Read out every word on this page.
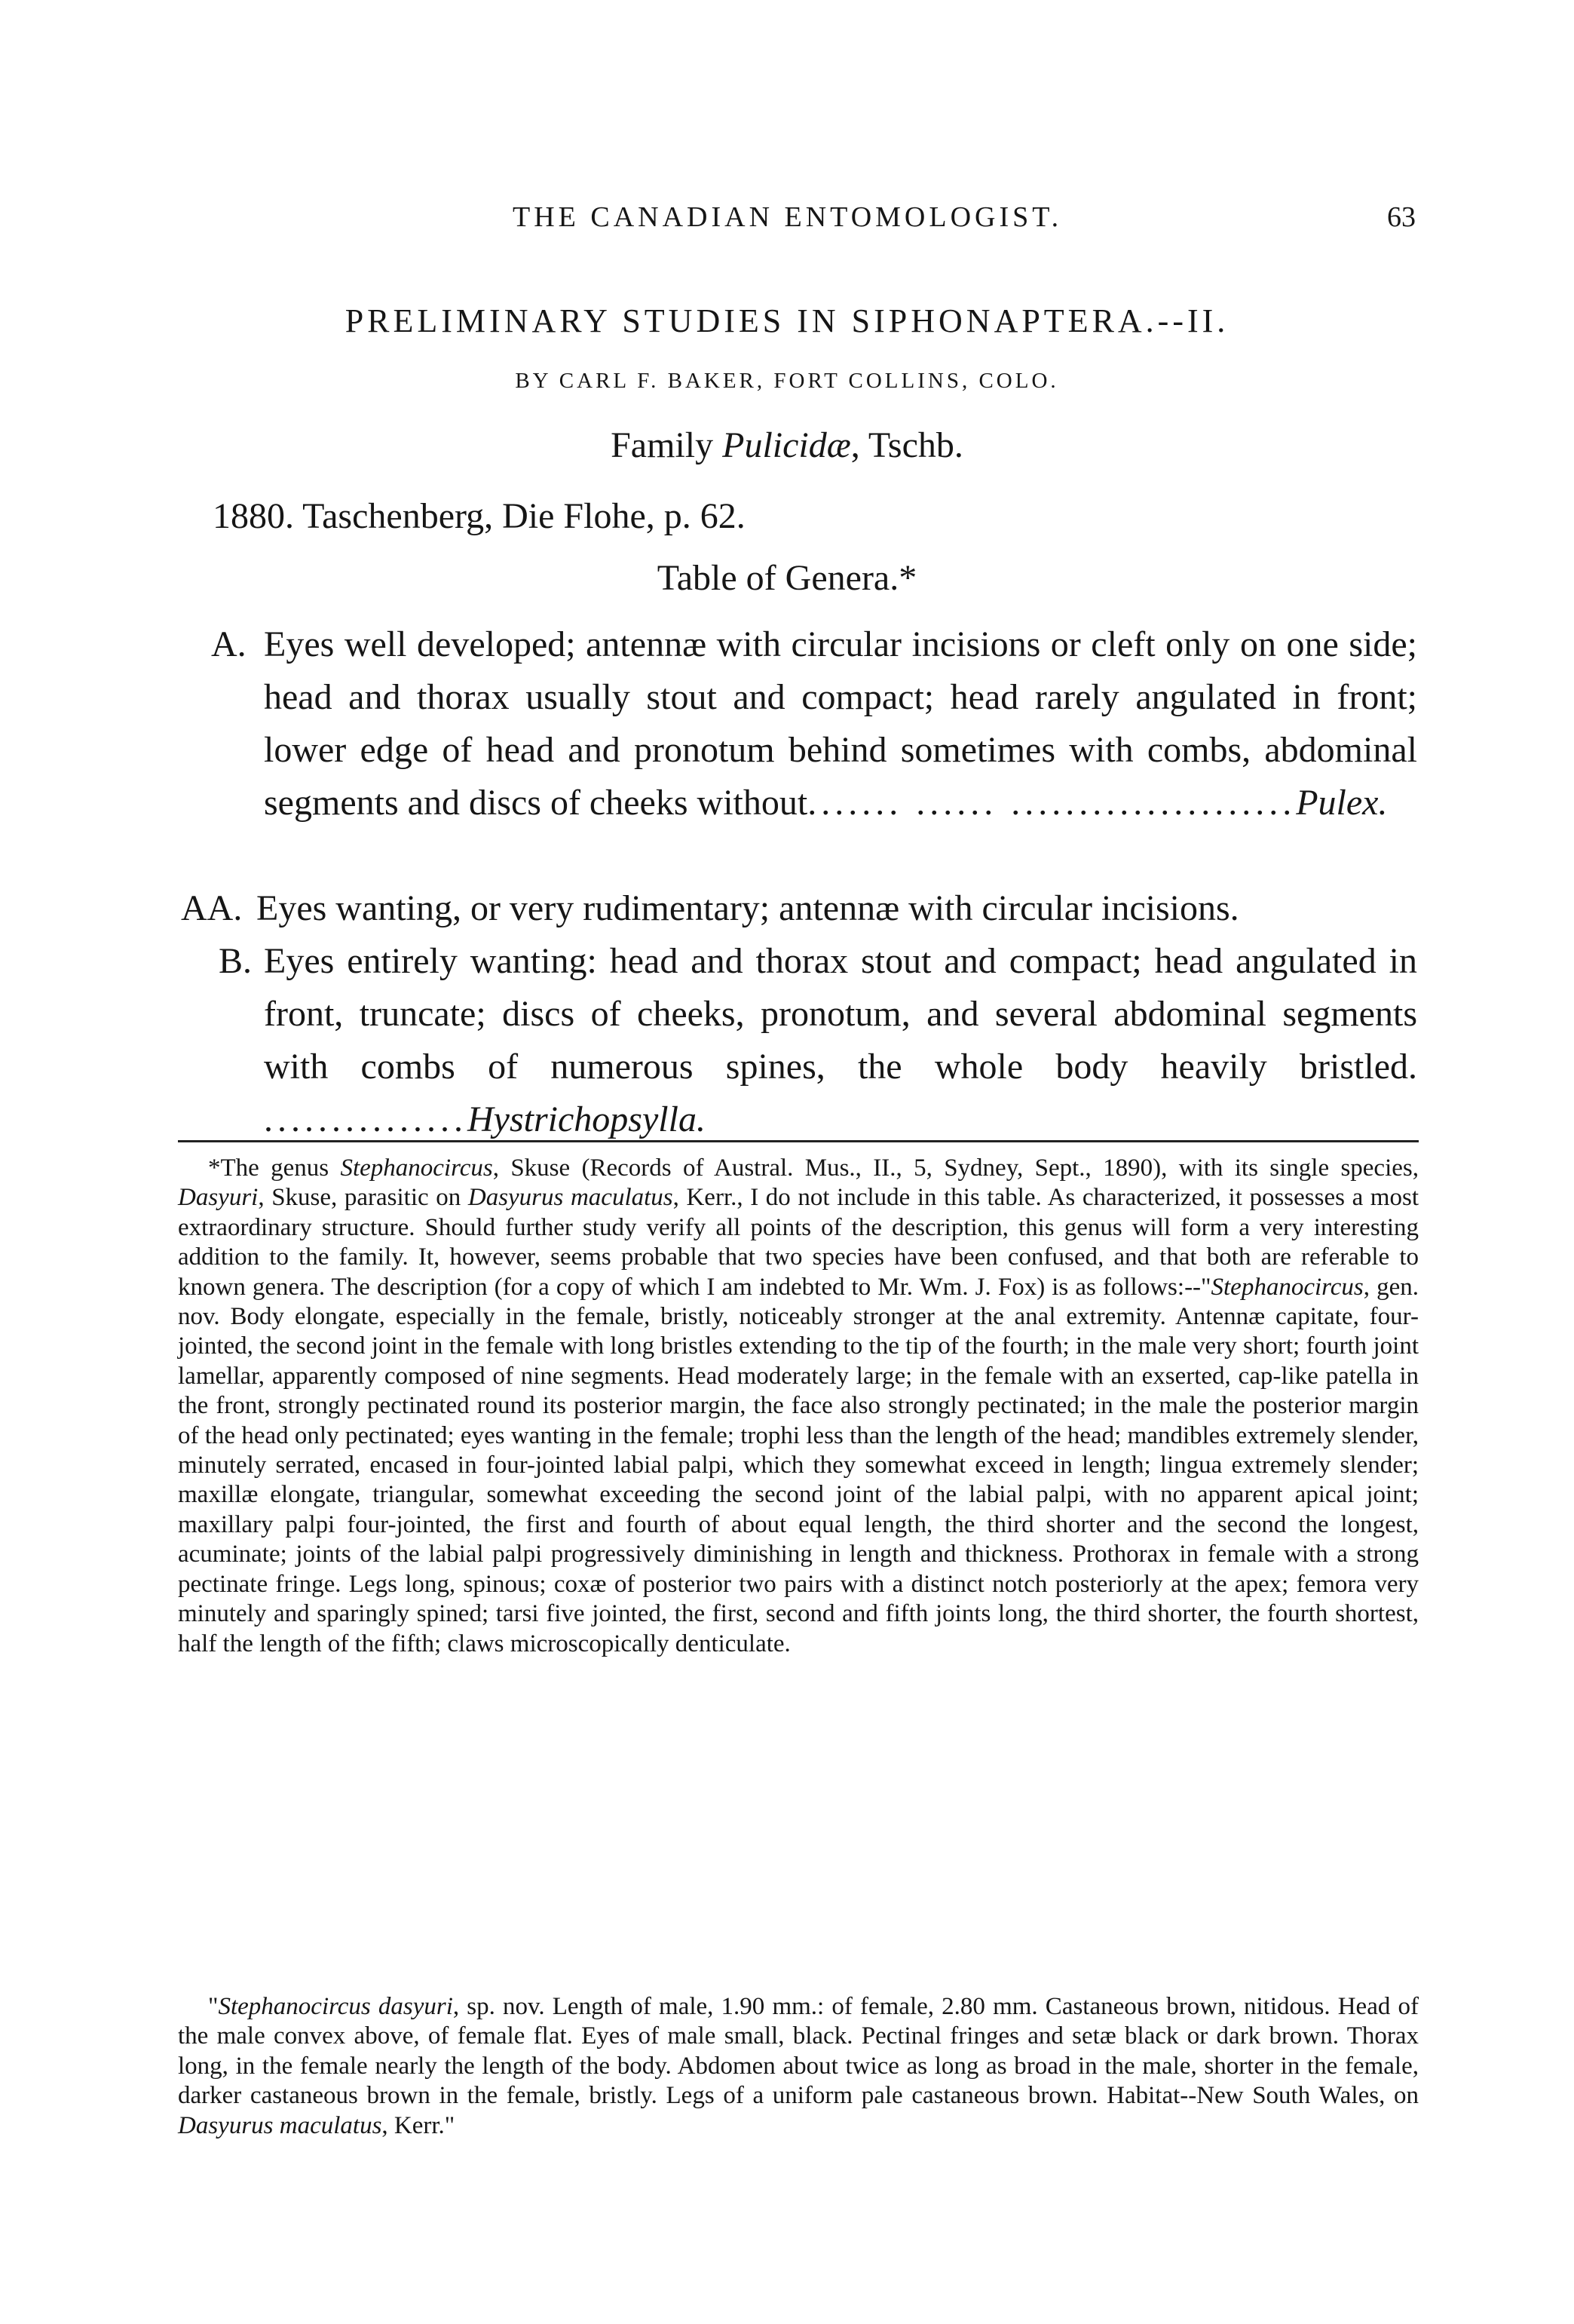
THE CANADIAN ENTOMOLOGIST.	63
PRELIMINARY STUDIES IN SIPHONAPTERA.--II.
BY CARL F. BAKER, FORT COLLINS, COLO.
Family Pulicidæ, Tschb.
1880. Taschenberg, Die Flohe, p. 62.
Table of Genera.*
A. Eyes well developed; antennæ with circular incisions or cleft only on one side; head and thorax usually stout and compact; head rarely angulated in front; lower edge of head and pronotum behind sometimes with combs, abdominal segments and discs of cheeks without....... ...... .....................Pulex.
AA. Eyes wanting, or very rudimentary; antennæ with circular incisions.
B. Eyes entirely wanting: head and thorax stout and compact; head angulated in front, truncate; discs of cheeks, pronotum, and several abdominal segments with combs of numerous spines, the whole body heavily bristled. ...............Hystrichopsylla.
*The genus Stephanocircus, Skuse (Records of Austral. Mus., II., 5, Sydney, Sept., 1890), with its single species, Dasyuri, Skuse, parasitic on Dasyurus maculatus, Kerr., I do not include in this table. As characterized, it possesses a most extraordinary structure. Should further study verify all points of the description, this genus will form a very interesting addition to the family. It, however, seems probable that two species have been confused, and that both are referable to known genera. The description (for a copy of which I am indebted to Mr. Wm. J. Fox) is as follows:--"Stephanocircus, gen. nov. Body elongate, especially in the female, bristly, noticeably stronger at the anal extremity. Antennæ capitate, four-jointed, the second joint in the female with long bristles extending to the tip of the fourth; in the male very short; fourth joint lamellar, apparently composed of nine segments. Head moderately large; in the female with an exserted, cap-like patella in the front, strongly pectinated round its posterior margin, the face also strongly pectinated; in the male the posterior margin of the head only pectinated; eyes wanting in the female; trophi less than the length of the head; mandibles extremely slender, minutely serrated, encased in four-jointed labial palpi, which they somewhat exceed in length; lingua extremely slender; maxillæ elongate, triangular, somewhat exceeding the second joint of the labial palpi, with no apparent apical joint; maxillary palpi four-jointed, the first and fourth of about equal length, the third shorter and the second the longest, acuminate; joints of the labial palpi progressively diminishing in length and thickness. Prothorax in female with a strong pectinate fringe. Legs long, spinous; coxæ of posterior two pairs with a distinct notch posteriorly at the apex; femora very minutely and sparingly spined; tarsi five jointed, the first, second and fifth joints long, the third shorter, the fourth shortest, half the length of the fifth; claws microscopically denticulate.
"Stephanocircus dasyuri, sp. nov. Length of male, 1.90 mm.: of female, 2.80 mm. Castaneous brown, nitidous. Head of the male convex above, of female flat. Eyes of male small, black. Pectinal fringes and setæ black or dark brown. Thorax long, in the female nearly the length of the body. Abdomen about twice as long as broad in the male, shorter in the female, darker castaneous brown in the female, bristly. Legs of a uniform pale castaneous brown. Habitat--New South Wales, on Dasyurus maculatus, Kerr."
